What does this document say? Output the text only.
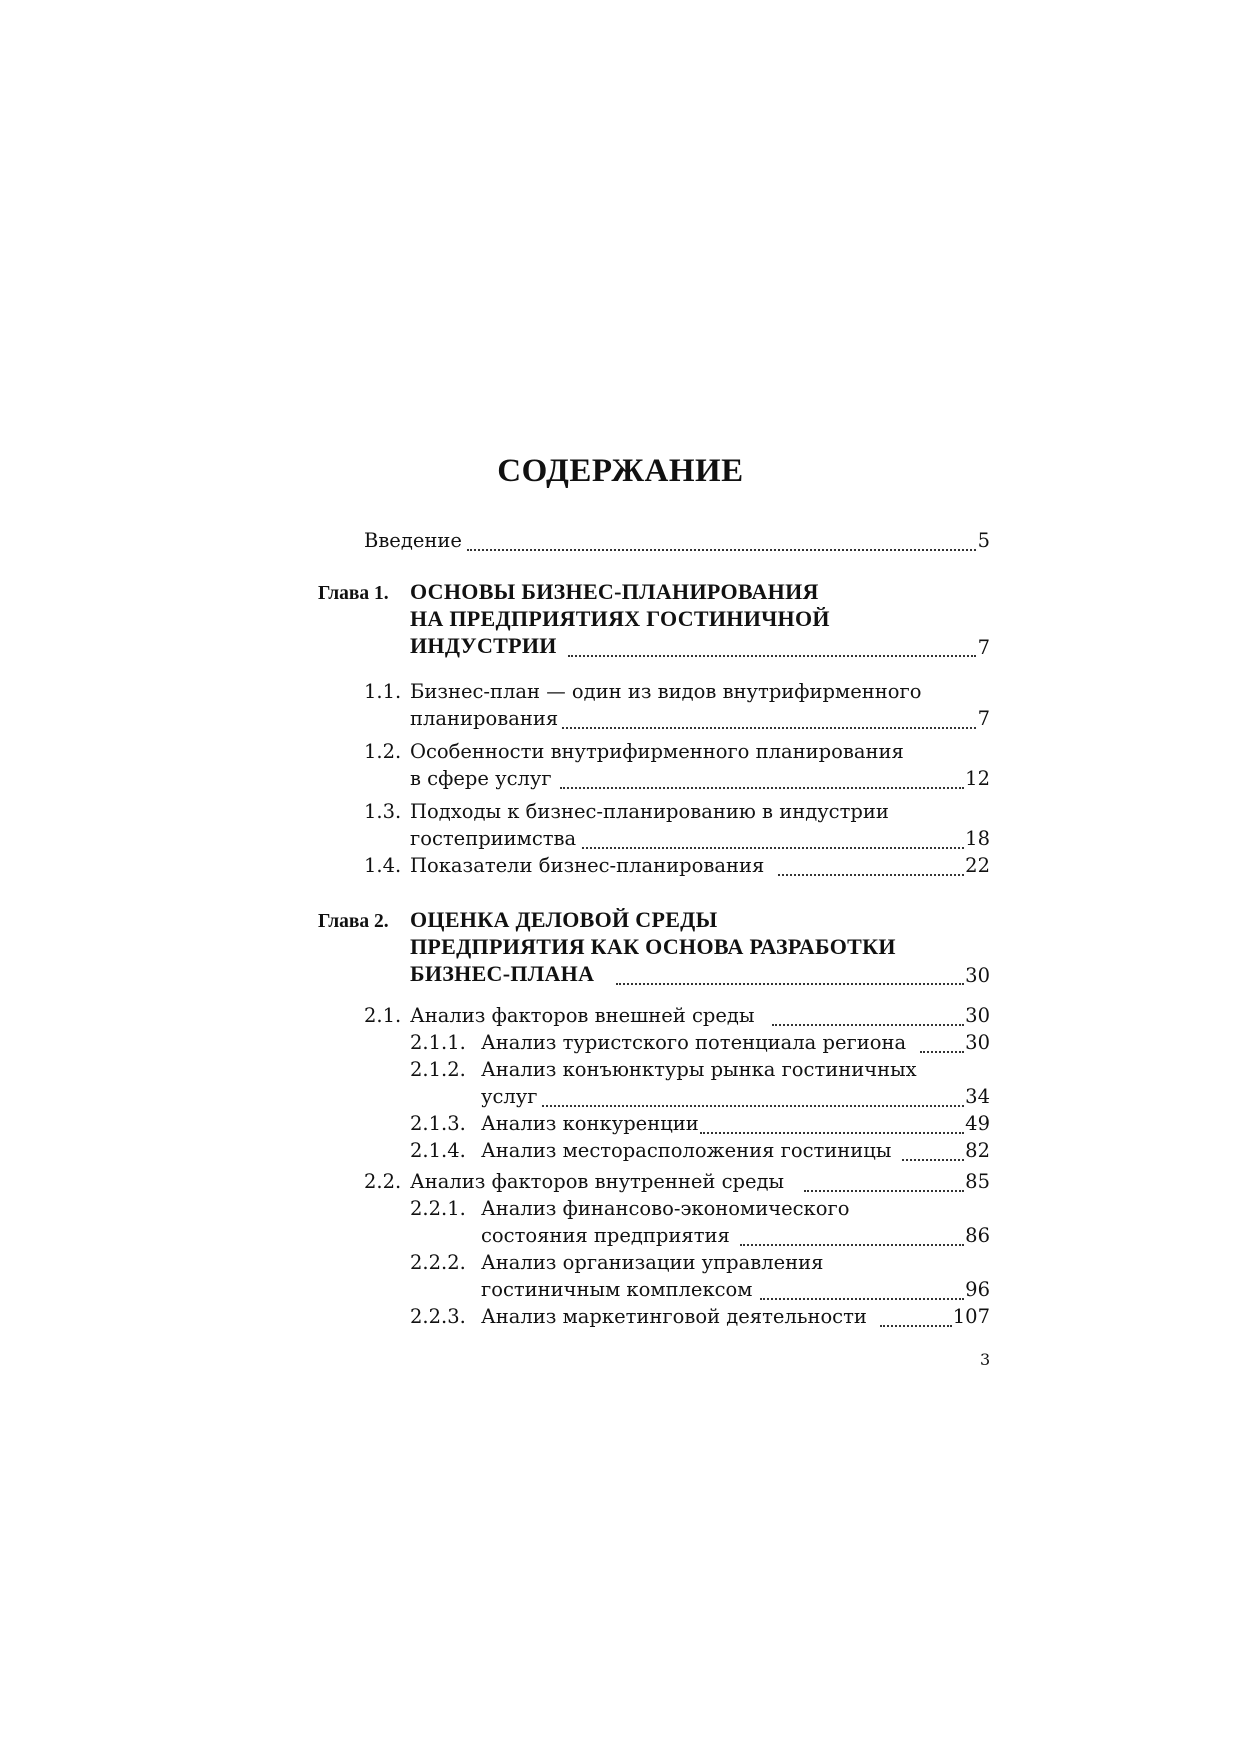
СОДЕРЖАНИЕ
Введение	5
Глава 1. ОСНОВЫ БИЗНЕС-ПЛАНИРОВАНИЯ
НА ПРЕДПРИЯТИЯХ ГОСТИНИЧНОЙ
ИНДУСТРИИ	7
1.1. Бизнес-план — один из видов внутрифирменного
планирования	7
1.2. Особенности внутрифирменного планирования
в сфере услуг	12
1.3. Подходы к бизнес-планированию в индустрии
гостеприимства	18
1.4. Показатели бизнес-планирования	22
Глава 2. ОЦЕНКА ДЕЛОВОЙ СРЕДЫ
ПРЕДПРИЯТИЯ КАК ОСНОВА РАЗРАБОТКИ
БИЗНЕС-ПЛАНА	30
2.1. Анализ факторов внешней среды	30
2.1.1. Анализ туристского потенциала региона	30
2.1.2. Анализ конъюнктуры рынка гостиничных
услуг	34
2.1.3. Анализ конкуренции	49
2.1.4. Анализ месторасположения гостиницы	82
2.2. Анализ факторов внутренней среды	85
2.2.1. Анализ финансово-экономического
состояния предприятия	86
2.2.2. Анализ организации управления
гостиничным комплексом	96
2.2.3. Анализ маркетинговой деятельности	107
3
